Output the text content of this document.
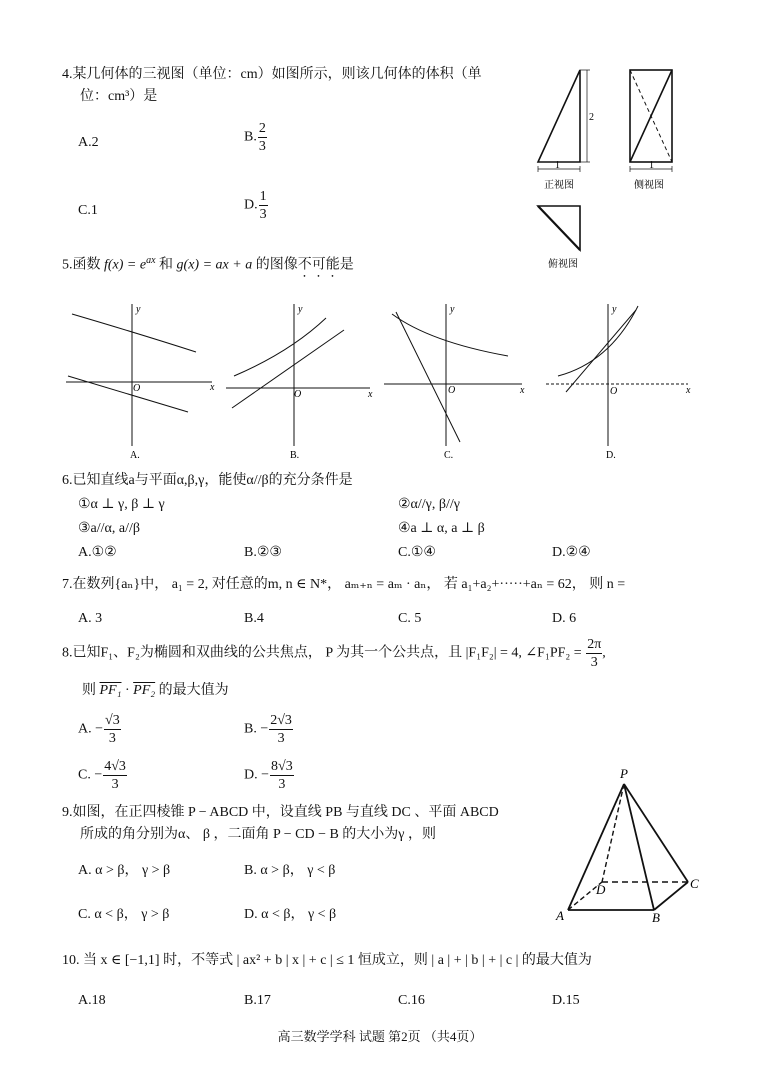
4.某几何体的三视图（单位：cm）如图所示，则该几何体的体积（单
位：cm³）是
A.2	B. $\frac{2}{3}$
C.1	D. $\frac{1}{3}$
2
1
正视图
1
侧视图
俯视图
5.函数 $f(x) = e^{ax}$ 和 g(x) = ax + a 的图像不可能是
y
x
O
A.
y
x
O
B.
y
x
O
C.
y
x
O
D.
6.已知直线a与平面α,β,γ，能使α//β的充分条件是
①α ⊥ γ, β ⊥ γ	②α//γ, β//γ
③a//α, a//β	④a ⊥ α, a ⊥ β
A.①②	B.②③	C.①④	D.②④
7.在数列{aₙ}中， a₁ = 2, 对任意的m, n ∈ N*， aₘ₊ₙ = aₘ · aₙ， 若 a₁+a₂+·····+aₙ = 62， 则 n =
A. 3	B.4	C. 5	D. 6
8.已知F₁、F₂为椭圆和双曲线的公共焦点， P 为其一个公共点，且 |F₁F₂| = 4, ∠F₁PF₂ = $\frac{2\pi}{3}$ ,
则 PF₁ · PF₂ 的最大值为
A. − $\frac{√3}{3}$	B. − $\frac{2√3}{3}$
C. − $\frac{4√3}{3}$	D. − $\frac{8√3}{3}$
9.如图，在正四棱锥 P − ABCD 中，设直线 PB 与直线 DC 、平面 ABCD
所成的角分别为α、 β ，二面角 P − CD − B 的大小为γ ，则
A. α > β， γ > β	B. α > β， γ < β
C. α < β， γ > β	D. α < β， γ < β
P
A	B
C
D
10. 当 x ∈ [−1,1] 时，不等式 | ax² + b | x | + c | ≤ 1 恒成立，则 | a | + | b | + | c | 的最大值为
A.18	B.17	C.16	D.15
高三数学学科 试题 第2页 （共4页）
